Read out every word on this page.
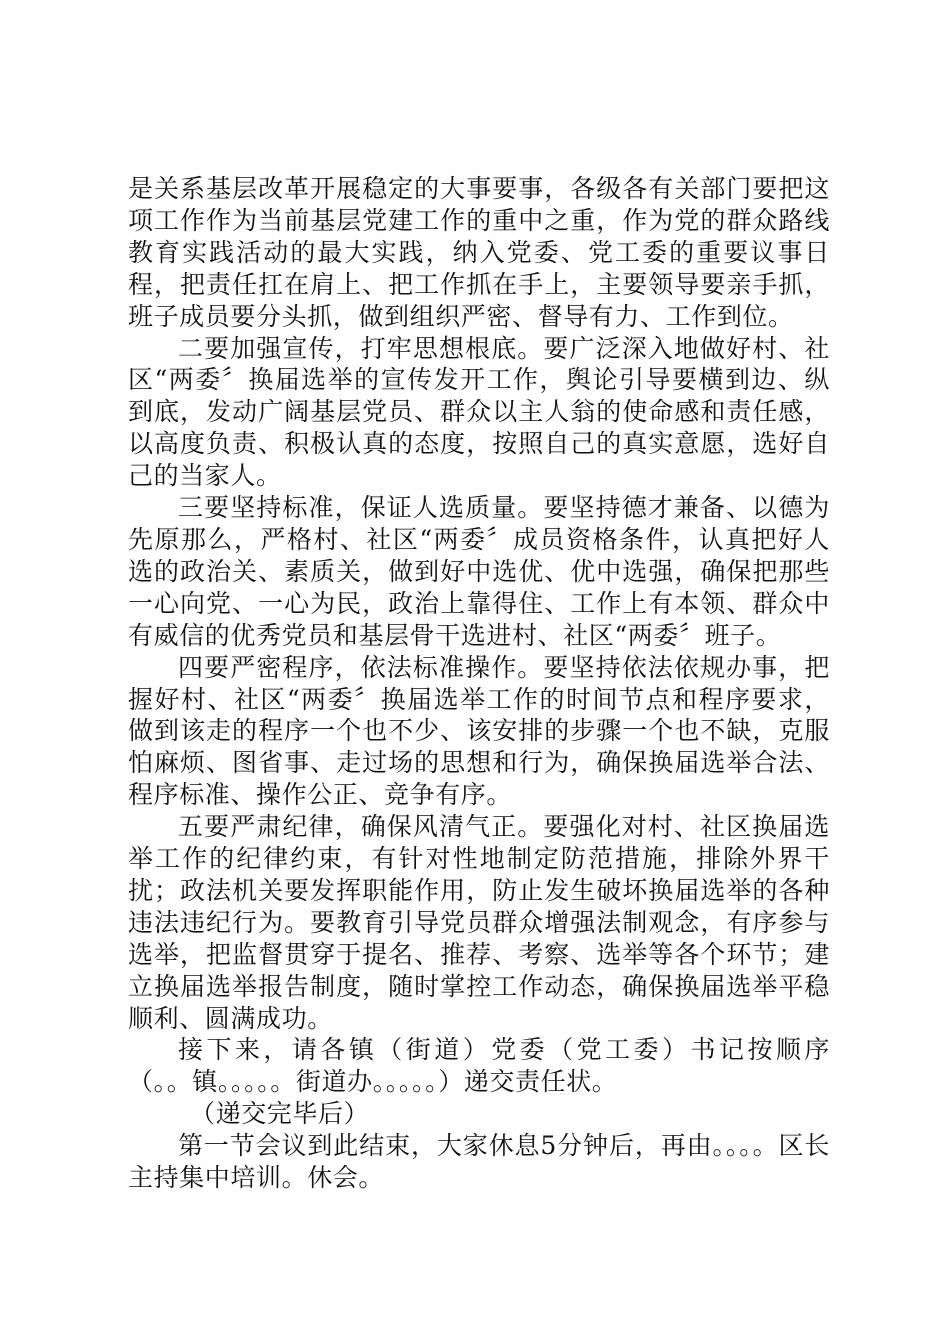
是关系基层改革开展稳定的大事要事，各级各有关部门要把这项工作作为当前基层党建工作的重中之重，作为党的群众路线教育实践活动的最大实践，纳入党委、党工委的重要议事日程，把责任扛在肩上、把工作抓在手上，主要领导要亲手抓，班子成员要分头抓，做到组织严密、督导有力、工作到位。

二要加强宣传，打牢思想根底。要广泛深入地做好村、社区“两委〞换届选举的宣传发开工作，舆论引导要横到边、纵到底，发动广阔基层党员、群众以主人翁的使命感和责任感，以高度负责、积极认真的态度，按照自己的真实意愿，选好自己的当家人。

三要坚持标准，保证人选质量。要坚持德才兼备、以德为先原那么，严格村、社区“两委〞成员资格条件，认真把好人选的政治关、素质关，做到好中选优、优中选强，确保把那些一心向党、一心为民，政治上靠得住、工作上有本领、群众中有威信的优秀党员和基层骨干选进村、社区“两委〞班子。

四要严密程序，依法标准操作。要坚持依法依规办事，把握好村、社区“两委〞换届选举工作的时间节点和程序要求，做到该走的程序一个也不少、该安排的步骤一个也不缺，克服怕麻烦、图省事、走过场的思想和行为，确保换届选举合法、程序标准、操作公正、竞争有序。

五要严肃纪律，确保风清气正。要强化对村、社区换届选举工作的纪律约束，有针对性地制定防范措施，排除外界干扰；政法机关要发挥职能作用，防止发生破坏换届选举的各种违法违纪行为。要教育引导党员群众增强法制观念，有序参与选举，把监督贯穿于提名、推荐、考察、选举等各个环节；建立换届选举报告制度，随时掌控工作动态，确保换届选举平稳顺利、圆满成功。

接下来，请各镇（街道）党委（党工委）书记按顺序（。。镇。。。。。街道办。。。。。）递交责任状。

（递交完毕后）

第一节会议到此结束，大家休息5分钟后，再由。。。。区长主持集中培训。休会。
